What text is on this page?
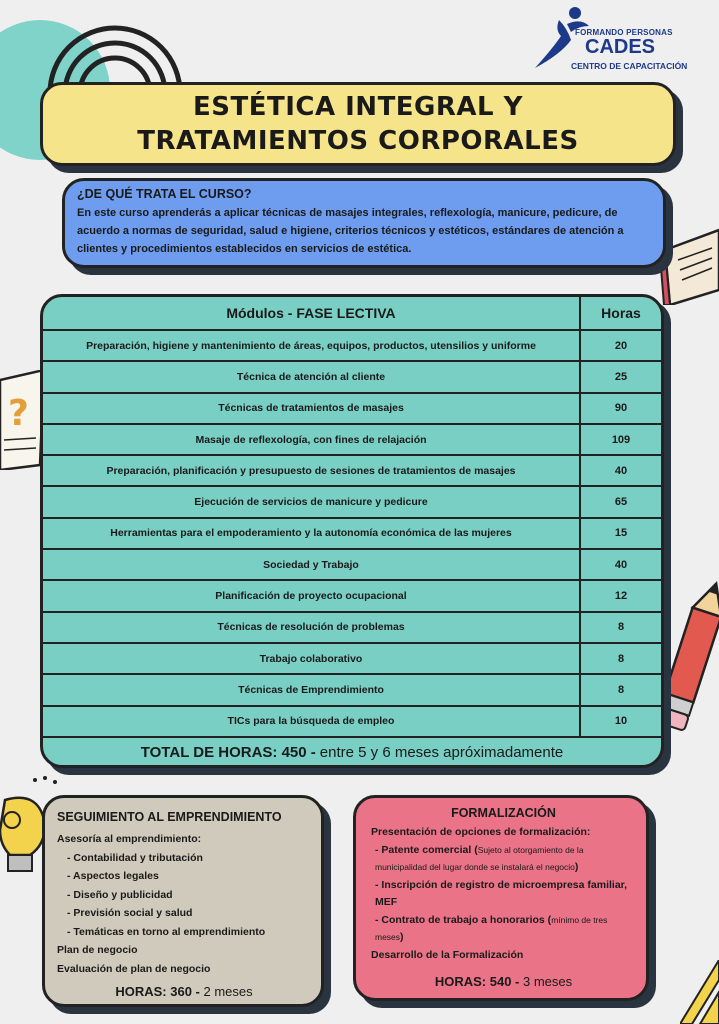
?
FORMANDO PERSONAS
CADES
CENTRO DE CAPACITACIÓN
ESTÉTICA INTEGRAL Y
TRATAMIENTOS CORPORALES
¿DE QUÉ TRATA EL CURSO?
En este curso aprenderás a aplicar técnicas de masajes integrales, reflexología, manicure, pedicure, de acuerdo a normas de seguridad, salud e higiene, criterios técnicos y estéticos, estándares de atención a clientes y procedimientos establecidos en servicios de estética.
Módulos - FASE LECTIVA	Horas
Preparación, higiene y mantenimiento de áreas, equipos, productos, utensilios y uniforme	20
Técnica de atención al cliente	25
Técnicas de tratamientos de masajes	90
Masaje de reflexología, con fines de relajación	109
Preparación, planificación y presupuesto de sesiones de tratamientos de masajes	40
Ejecución de servicios de manicure y pedicure	65
Herramientas para el empoderamiento y la autonomía económica de las mujeres	15
Sociedad y Trabajo	40
Planificación de proyecto ocupacional	12
Técnicas de resolución de problemas	8
Trabajo colaborativo	8
Técnicas de Emprendimiento	8
TICs para la búsqueda de empleo	10
TOTAL DE HORAS: 450 - entre 5 y 6 meses apróximadamente
SEGUIMIENTO AL EMPRENDIMIENTO
Asesoría al emprendimiento:
- Contabilidad y tributación
- Aspectos legales
- Diseño y publicidad
- Previsión social y salud
- Temáticas en torno al emprendimiento
Plan de negocio
Evaluación de plan de negocio
HORAS: 360 - 2 meses
FORMALIZACIÓN
Presentación de opciones de formalización:
- Patente comercial (Sujeto al otorgamiento de la municipalidad del lugar donde se instalará el negocio)
- Inscripción de registro de microempresa familiar, MEF
- Contrato de trabajo a honorarios (mínimo de tres meses)
Desarrollo de la Formalización
HORAS: 540 - 3 meses
